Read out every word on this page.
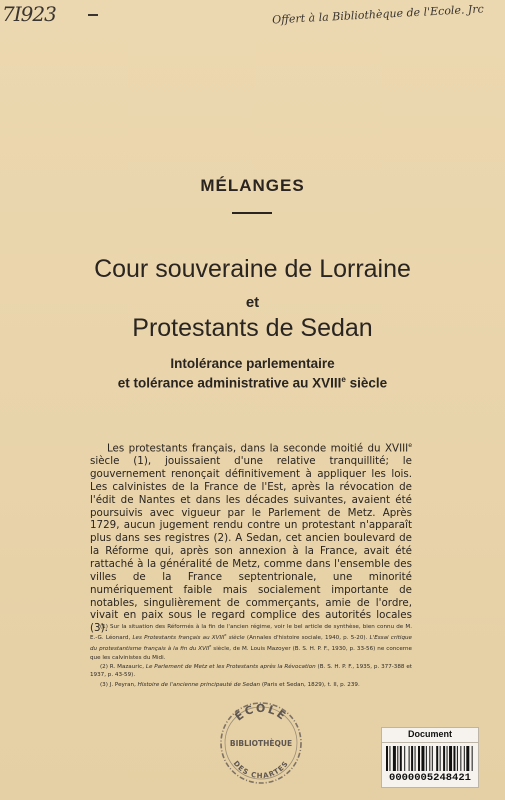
7I923	Offert à la Bibliothèque de l'Ecole. Jrc
MÉLANGES
Cour souveraine de Lorraine
et
Protestants de Sedan
Intolérance parlementaire
et tolérance administrative au XVIIIe siècle

Les protestants français, dans la seconde moitié du XVIIIe siècle (1), jouissaient d'une relative tranquillité; le gouvernement renonçait définitivement à appliquer les lois. Les calvinistes de la France de l'Est, après la révocation de l'édit de Nantes et dans les décades suivantes, avaient été poursuivis avec vigueur par le Parlement de Metz. Après 1729, aucun jugement rendu contre un protestant n'apparaît plus dans ses registres (2). A Sedan, cet ancien boulevard de la Réforme qui, après son annexion à la France, avait été rattaché à la généralité de Metz, comme dans l'ensemble des villes de la France septentrionale, une minorité numériquement faible mais socialement importante de notables, singulièrement de commerçants, amie de l'ordre, vivait en paix sous le regard complice des autorités locales (3).

(1) Sur la situation des Réformés à la fin de l'ancien régime, voir le bel article de synthèse, bien connu de M. E.-G. Léonard, Les Protestants français au XVIIIe siècle (Annales d'histoire sociale, 1940, p. 5-20). L'Essai critique du protestantisme français à la fin du XVIIe siècle, de M. Louis Mazoyer (B. S. H. P. F., 1930, p. 33-56) ne concerne que les calvinistes du Midi.

(2) R. Mazauric, Le Parlement de Metz et les Protestants après la Révocation (B. S. H. P. F., 1935, p. 377-388 et 1937, p. 43-59).

(3) J. Peyran, Histoire de l'ancienne principauté de Sedan (Paris et Sedan, 1829), t. II, p. 239.

ÉCOLE
BIBLIOTHÈQUE
DES CHARTES
Document
0000005248421
